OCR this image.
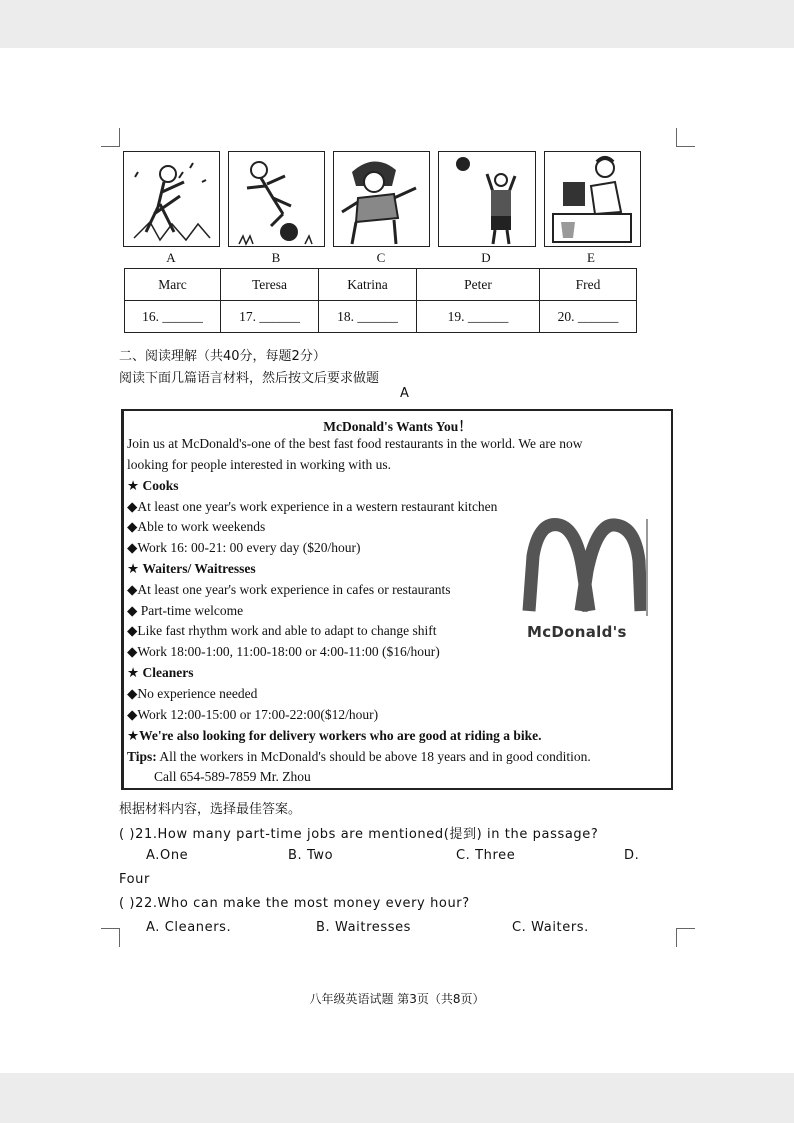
A	B	C	D	E
Marc	Teresa	Katrina	Peter	Fred
16. ______	17. ______	18. ______	19. ______	20. ______
二、阅读理解（共40分，每题2分）
阅读下面几篇语言材料，然后按文后要求做题
A
McDonald's Wants You！
Join us at McDonald's-one of the best fast food restaurants in the world. We are now
looking for people interested in working with us.
★ Cooks
◆At least one year's work experience in a western restaurant kitchen
◆Able to work weekends
◆Work 16: 00-21: 00 every day ($20/hour)
★ Waiters/ Waitresses
◆At least one year's work experience in cafes or restaurants
◆ Part-time welcome
◆Like fast rhythm work and able to adapt to change shift
◆Work 18:00-1:00, 11:00-18:00 or 4:00-11:00 ($16/hour)
★ Cleaners
◆No experience needed
◆Work 12:00-15:00 or 17:00-22:00($12/hour)
★We're also looking for delivery workers who are good at riding a bike.
Tips: All the workers in McDonald's should be above 18 years and in good condition.
Call 654-589-7859 Mr. Zhou
McDonald's
根据材料内容，选择最佳答案。
( )21.How many part-time jobs are mentioned(提到) in the passage?
A.One	B. Two	C. Three	D.
Four
( )22.Who can make the most money every hour?
A. Cleaners.	B. Waitresses	C. Waiters.
八年级英语试题 第3页（共8页）
